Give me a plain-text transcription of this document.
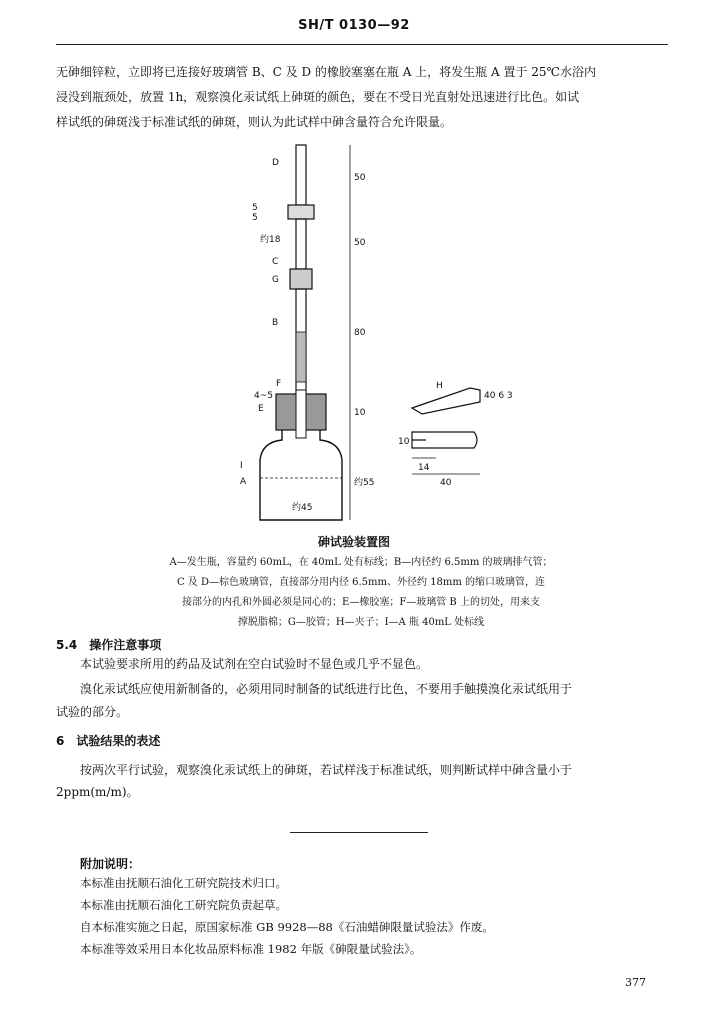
SH/T 0130—92
无砷细锌粒，立即将已连接好玻璃管 B、C 及 D 的橡胶塞塞在瓶 A 上，将发生瓶 A 置于 25℃水浴内
浸没到瓶颈处，放置 1h，观察溴化汞试纸上砷斑的颜色，要在不受日光直射处迅速进行比色。如试
样试纸的砷斑浅于标准试纸的砷斑，则认为此试样中砷含量符合允许限量。
D
5
5
约18
C
G
B
F
4~5
E
I
A
50
50
80
10
约55
约45
H
40 6 3
10
14
40
砷试验装置图
A—发生瓶，容量约 60mL，在 40mL 处有标线；B—内径约 6.5mm 的玻璃排气管；
C 及 D—棕色玻璃管，直接部分用内径 6.5mm、外径约 18mm 的缩口玻璃管，连
接部分的内孔和外圆必须是同心的；E—橡胶塞；F—玻璃管 B 上的切处，用来支
撑脱脂棉；G—胶管；H—夹子；I—A 瓶 40mL 处标线
5.4　操作注意事项
本试验要求所用的药品及试剂在空白试验时不显色或几乎不显色。
溴化汞试纸应使用新制备的，必须用同时制备的试纸进行比色，不要用手触摸溴化汞试纸用于
试验的部分。
6　试验结果的表述
按两次平行试验，观察溴化汞试纸上的砷斑，若试样浅于标准试纸，则判断试样中砷含量小于
2ppm(m/m)。
附加说明：
本标准由抚顺石油化工研究院技术归口。
本标准由抚顺石油化工研究院负责起草。
自本标准实施之日起，原国家标准 GB 9928—88《石油蜡砷限量试验法》作废。
本标准等效采用日本化妆品原料标准 1982 年版《砷限量试验法》。
377
